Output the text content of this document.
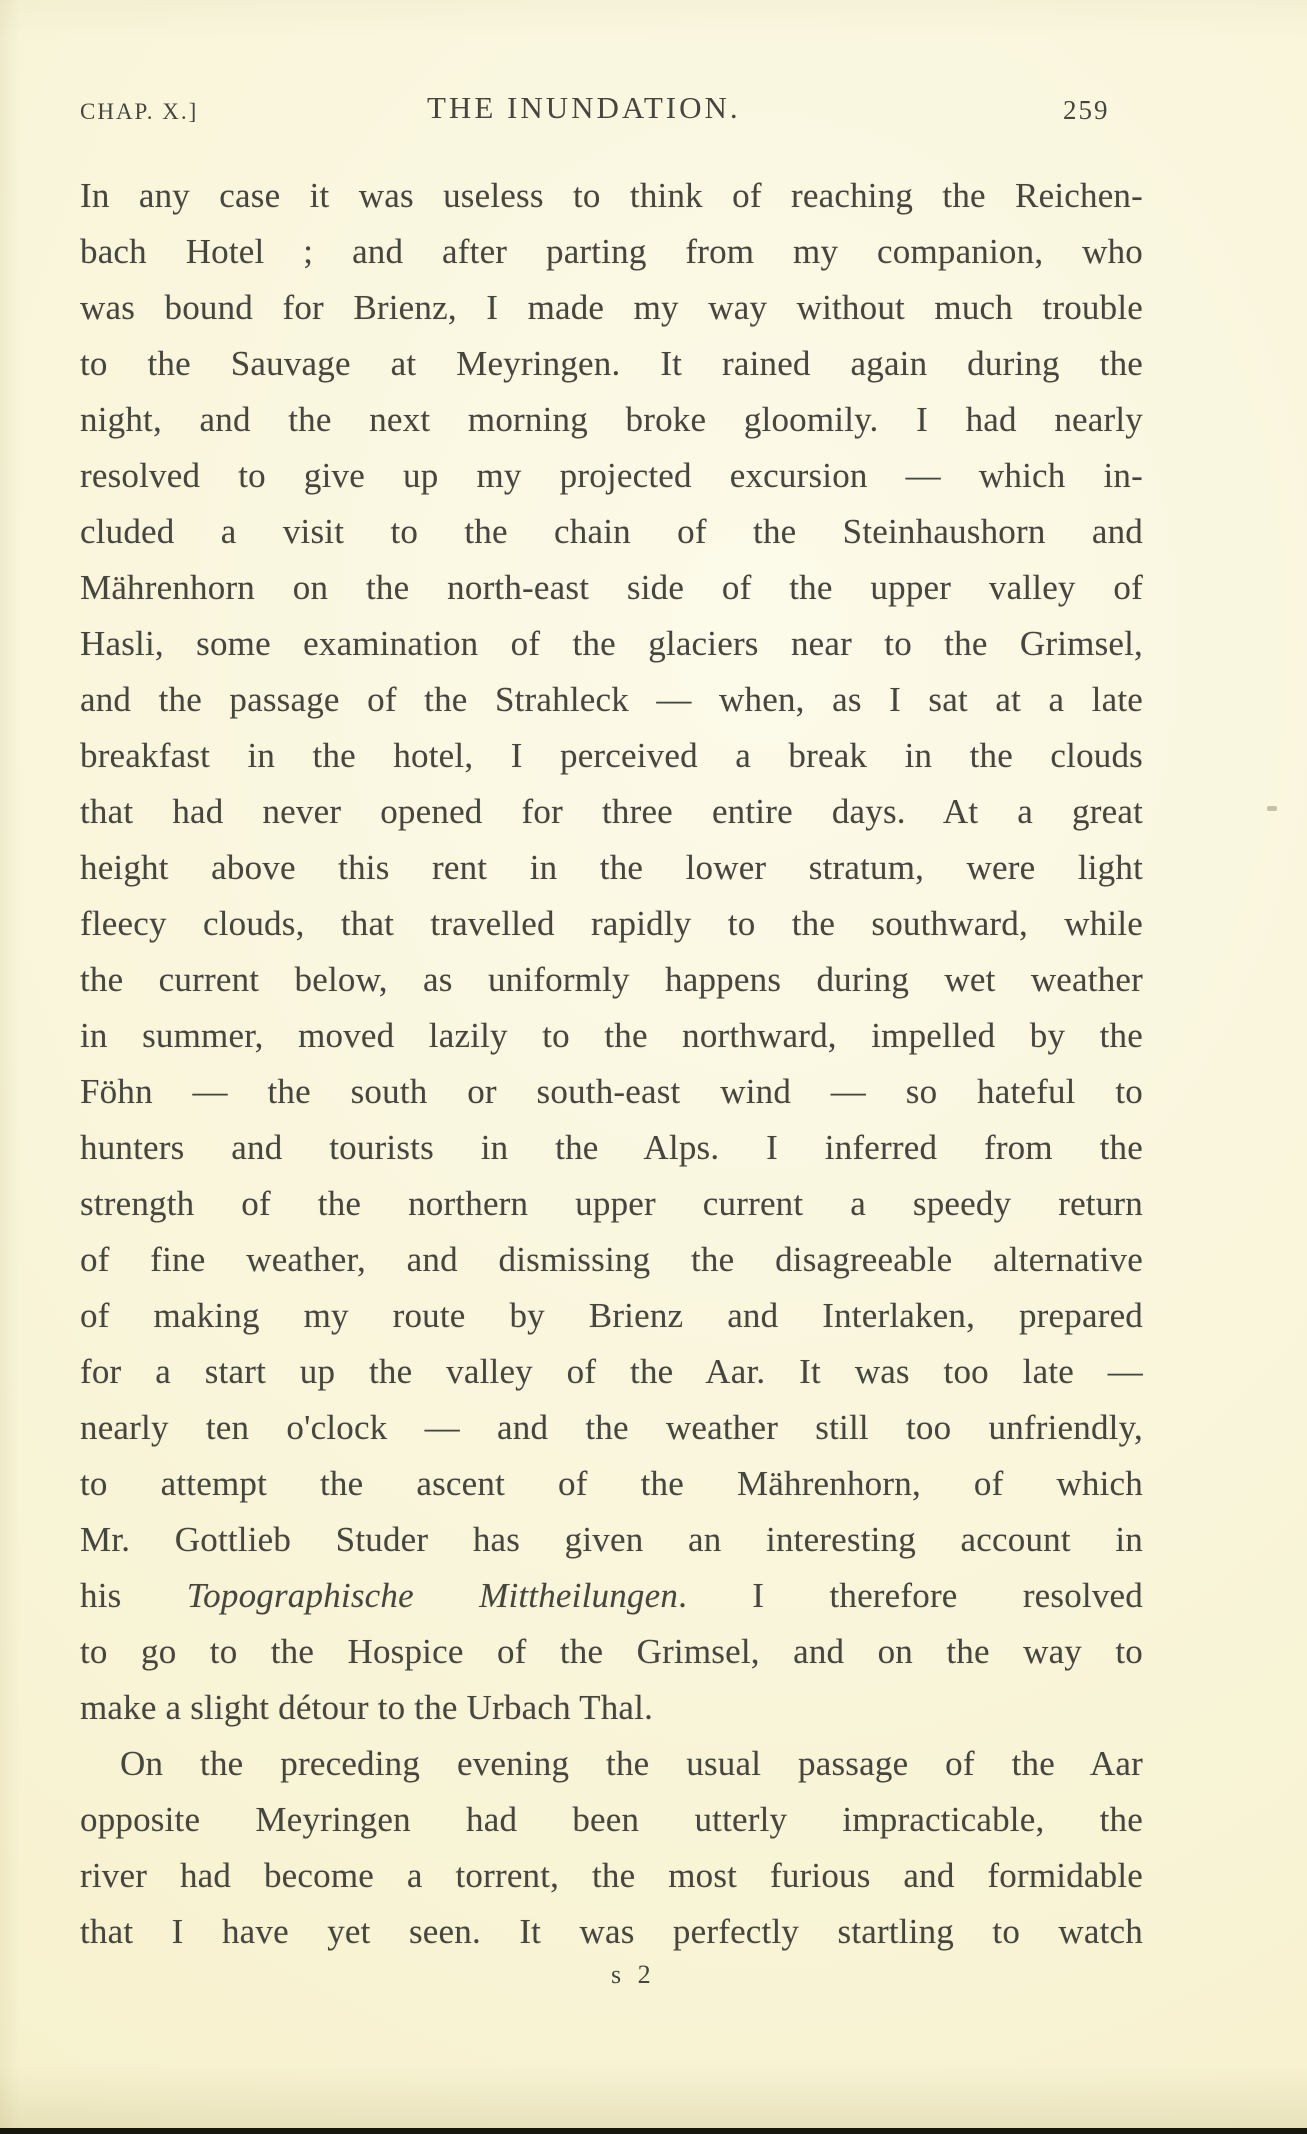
CHAP. X.]	THE INUNDATION.	259
In any case it was useless to think of reaching the Reichen-
bach Hotel ; and after parting from my companion, who
was bound for Brienz, I made my way without much trouble
to the Sauvage at Meyringen. It rained again during the
night, and the next morning broke gloomily. I had nearly
resolved to give up my projected excursion — which in-
cluded a visit to the chain of the Steinhaushorn and
Mährenhorn on the north-east side of the upper valley of
Hasli, some examination of the glaciers near to the Grimsel,
and the passage of the Strahleck — when, as I sat at a late
breakfast in the hotel, I perceived a break in the clouds
that had never opened for three entire days. At a great
height above this rent in the lower stratum, were light
fleecy clouds, that travelled rapidly to the southward, while
the current below, as uniformly happens during wet weather
in summer, moved lazily to the northward, impelled by the
Föhn — the south or south-east wind — so hateful to
hunters and tourists in the Alps. I inferred from the
strength of the northern upper current a speedy return
of fine weather, and dismissing the disagreeable alternative
of making my route by Brienz and Interlaken, prepared
for a start up the valley of the Aar. It was too late —
nearly ten o'clock — and the weather still too unfriendly,
to attempt the ascent of the Mährenhorn, of which
Mr. Gottlieb Studer has given an interesting account in
his Topographische Mittheilungen. I therefore resolved
to go to the Hospice of the Grimsel, and on the way to
make a slight détour to the Urbach Thal.
On the preceding evening the usual passage of the Aar
opposite Meyringen had been utterly impracticable, the
river had become a torrent, the most furious and formidable
that I have yet seen. It was perfectly startling to watch
s 2
